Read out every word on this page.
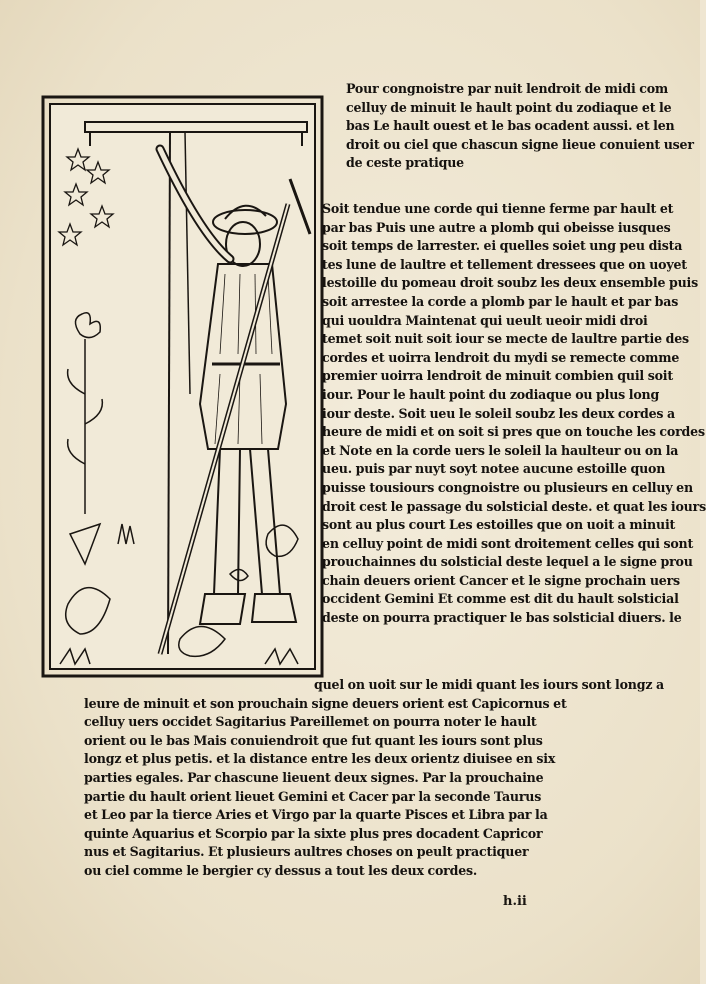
Pour congnoistre par nuit lendroit de midi com
celluy de minuit le hault point du zodiaque et le
bas Le hault ouest et le bas ocadent aussi. et len
droit ou ciel que chascun signe lieue conuient user
de ceste pratique
Soit tendue une corde qui tienne ferme par hault et
par bas Puis une autre a plomb qui obeisse iusques
soit temps de larrester. ei quelles soiet ung peu dista
tes lune de laultre et tellement dressees que on uoyet
lestoille du pomeau droit soubz les deux ensemble puis
soit arrestee la corde a plomb par le hault et par bas
qui uouldra Maintenat qui ueult ueoir midi droi
temet soit nuit soit iour se mecte de laultre partie des
cordes et uoirra lendroit du mydi se remecte comme
premier uoirra lendroit de minuit combien quil soit
iour. Pour le hault point du zodiaque ou plus long
iour deste. Soit ueu le soleil soubz les deux cordes a
heure de midi et on soit si pres que on touche les cordes
et Note en la corde uers le soleil la haulteur ou on la
ueu. puis par nuyt soyt notee aucune estoille quon
puisse tousiours congnoistre ou plusieurs en celluy en
droit cest le passage du solsticial deste. et quat les iours
sont au plus court Les estoilles que on uoit a minuit
en celluy point de midi sont droitement celles qui sont
prouchainnes du solsticial deste lequel a le signe prou
chain deuers orient Cancer et le signe prochain uers
occident Gemini Et comme est dit du hault solsticial
deste on pourra practiquer le bas solsticial diuers. le
quel on uoit sur le midi quant les iours sont longz a
leure de minuit et son prouchain signe deuers orient est Capicornus et
celluy uers occidet Sagitarius Pareillemet on pourra noter le hault
orient ou le bas Mais conuiendroit que fut quant les iours sont plus
longz et plus petis. et la distance entre les deux orientz diuisee en six
parties egales. Par chascune lieuent deux signes. Par la prouchaine
partie du hault orient lieuet Gemini et Cacer par la seconde Taurus
et Leo par la tierce Aries et Virgo par la quarte Pisces et Libra par la
quinte Aquarius et Scorpio par la sixte plus pres docadent Capricor
nus et Sagitarius. Et plusieurs aultres choses on peult practiquer
ou ciel comme le bergier cy dessus a tout les deux cordes.
h.ii
